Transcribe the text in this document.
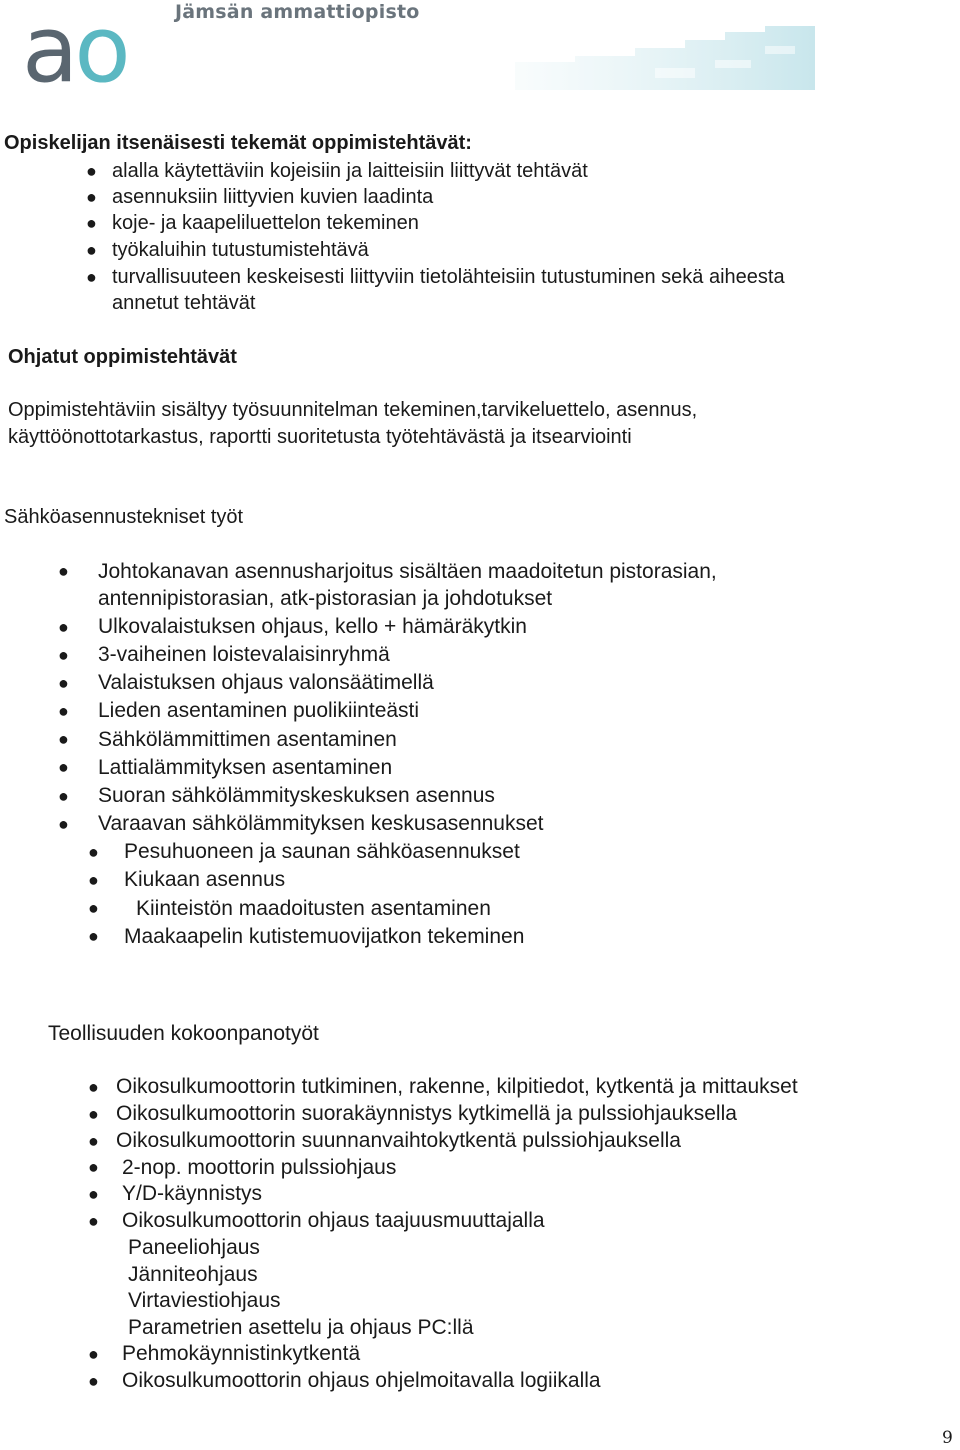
ao	Jämsän ammattiopisto
Opiskelijan itsenäisesti tekemät oppimistehtävät:
● alalla käytettäviin kojeisiin ja laitteisiin liittyvät tehtävät
● asennuksiin liittyvien kuvien laadinta
● koje- ja kaapeliluettelon tekeminen
● työkaluihin tutustumistehtävä
● turvallisuuteen keskeisesti liittyviin tietolähteisiin tutustuminen sekä aiheesta
annetut tehtävät
Ohjatut oppimistehtävät
Oppimistehtäviin sisältyy työsuunnitelman tekeminen,tarvikeluettelo, asennus,
käyttöönottotarkastus, raportti suoritetusta työtehtävästä ja itsearviointi
Sähköasennustekniset työt
● Johtokanavan asennusharjoitus sisältäen maadoitetun pistorasian,
antennipistorasian, atk-pistorasian ja johdotukset
● Ulkovalaistuksen ohjaus, kello + hämäräkytkin
● 3-vaiheinen loistevalaisinryhmä
● Valaistuksen ohjaus valonsäätimellä
● Lieden asentaminen puolikiinteästi
● Sähkölämmittimen asentaminen
● Lattialämmityksen asentaminen
● Suoran sähkölämmityskeskuksen asennus
● Varaavan sähkölämmityksen keskusasennukset
● Pesuhuoneen ja saunan sähköasennukset
● Kiukaan asennus
● Kiinteistön maadoitusten asentaminen
● Maakaapelin kutistemuovijatkon tekeminen
Teollisuuden kokoonpanotyöt
● Oikosulkumoottorin tutkiminen, rakenne, kilpitiedot, kytkentä ja mittaukset
● Oikosulkumoottorin suorakäynnistys kytkimellä ja pulssiohjauksella
● Oikosulkumoottorin suunnanvaihtokytkentä pulssiohjauksella
● 2-nop. moottorin pulssiohjaus
● Y/D-käynnistys
● Oikosulkumoottorin ohjaus taajuusmuuttajalla
Paneeliohjaus
Jänniteohjaus
Virtaviestiohjaus
Parametrien asettelu ja ohjaus PC:llä
● Pehmokäynnistinkytkentä
● Oikosulkumoottorin ohjaus ohjelmoitavalla logiikalla
9
